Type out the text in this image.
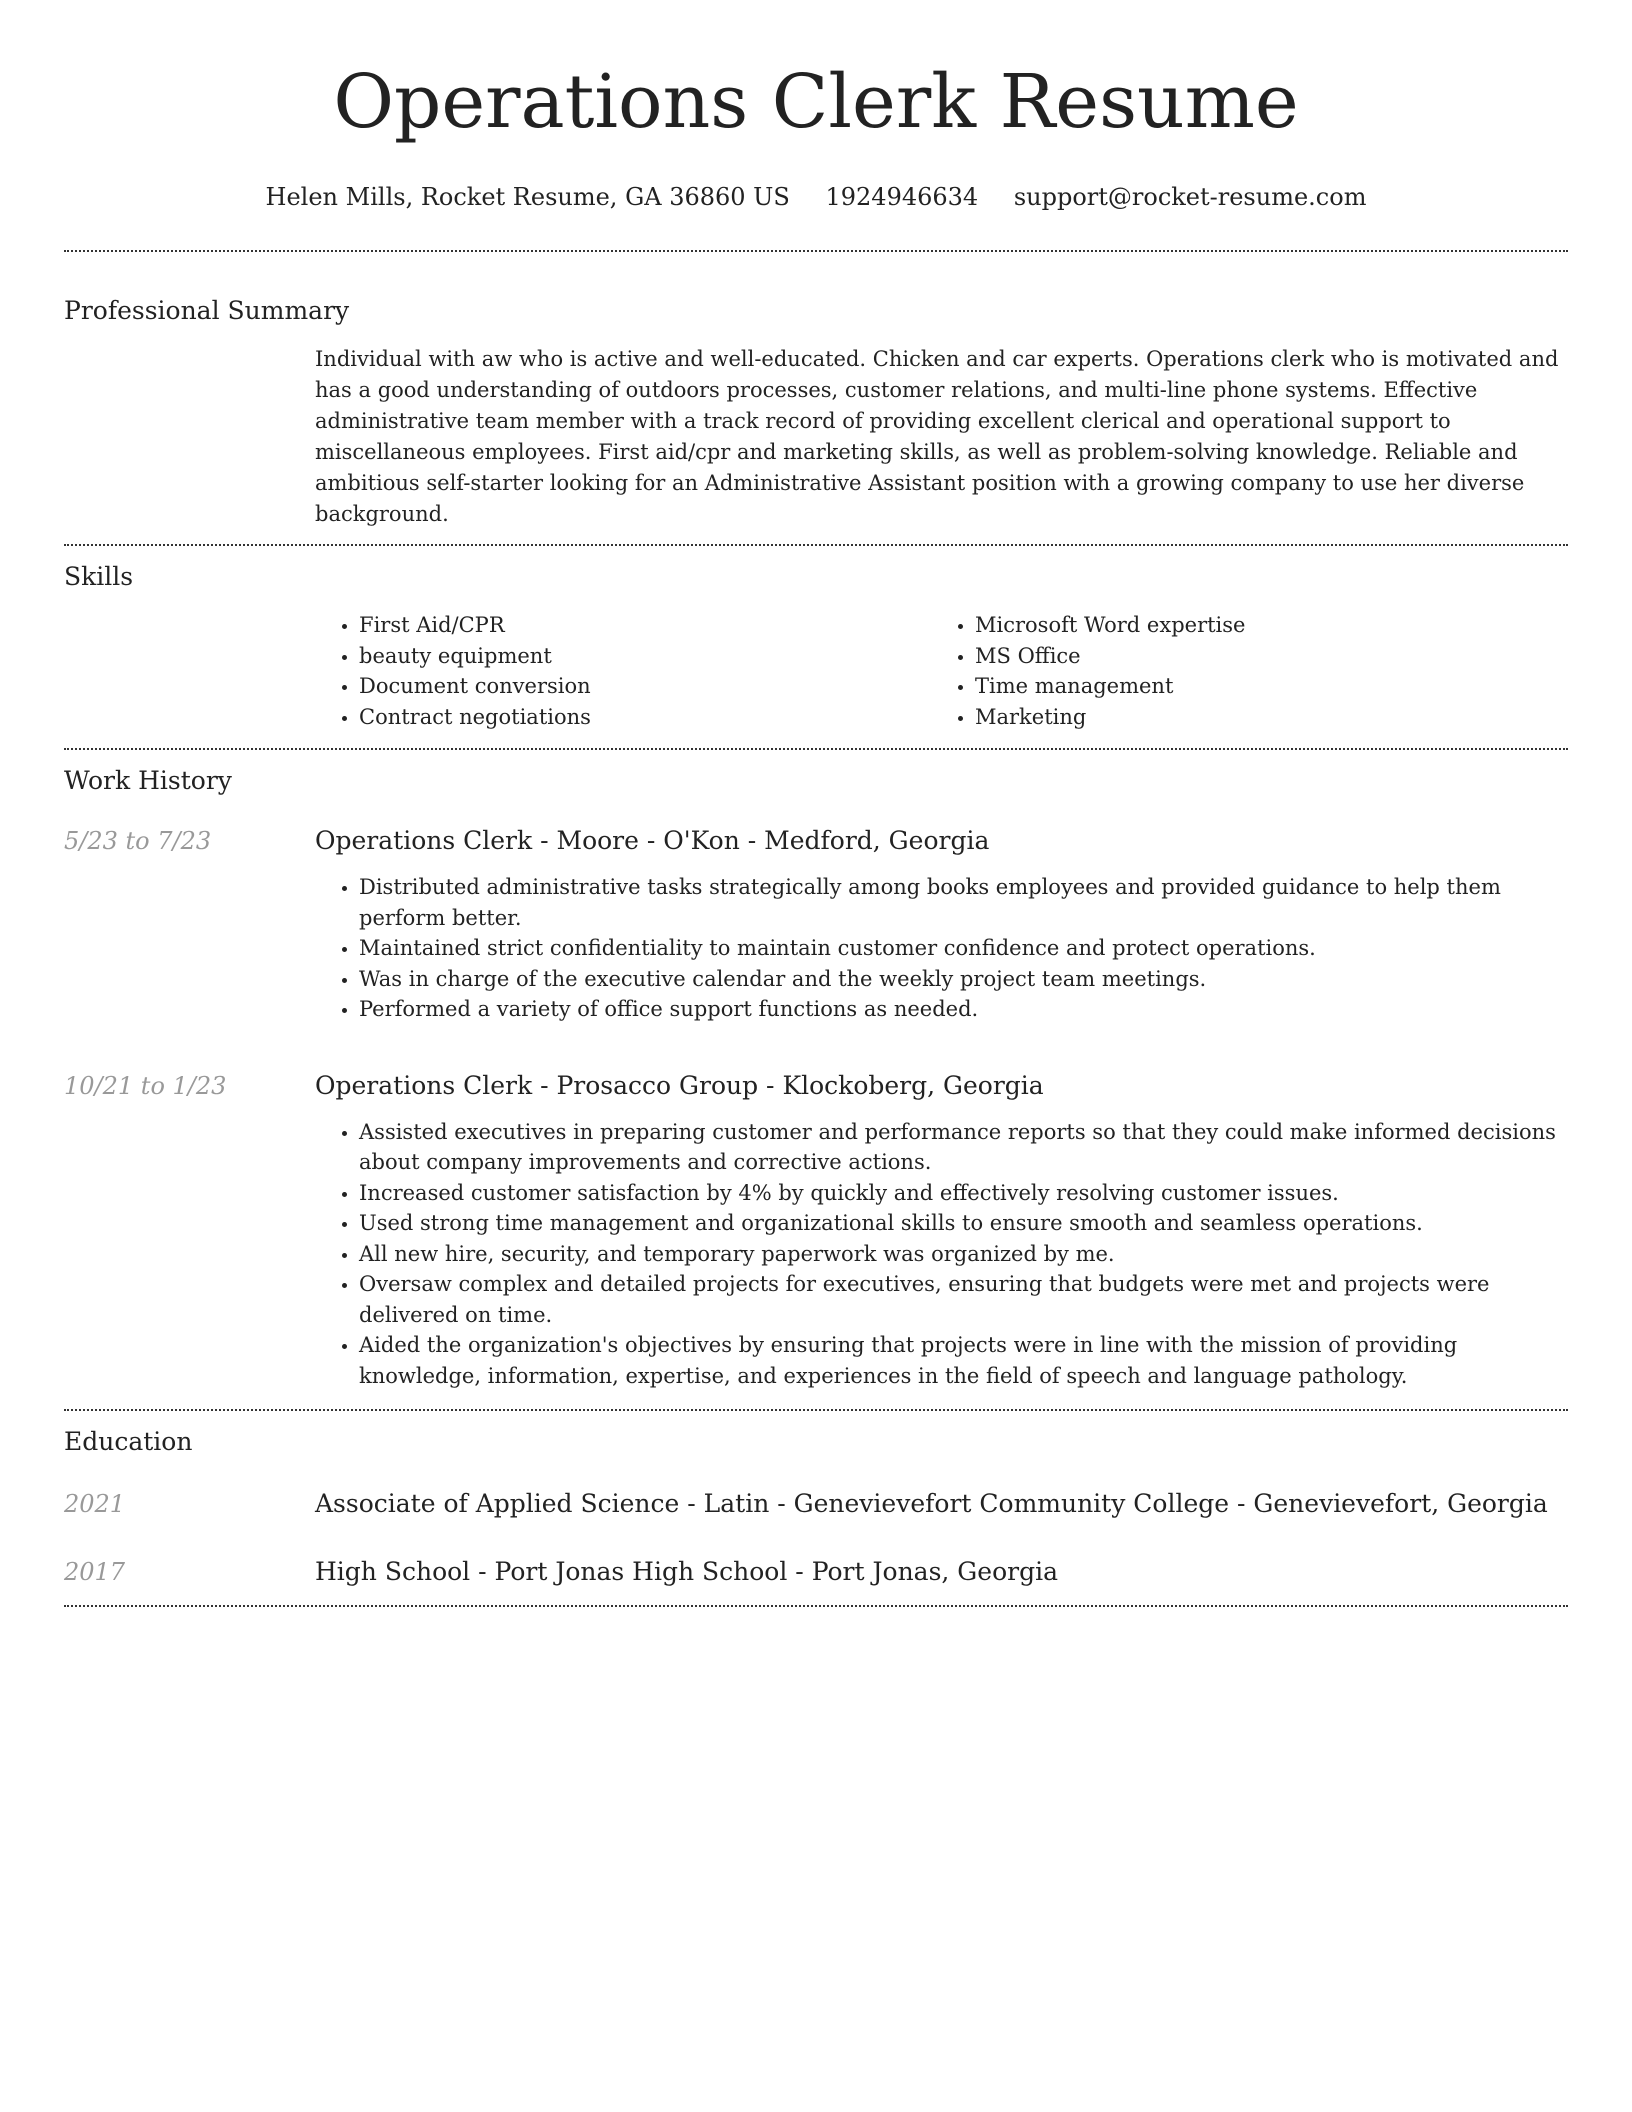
Operations Clerk Resume
Helen Mills, Rocket Resume, GA 36860 US 1924946634 support@rocket-resume.com
Professional Summary
Individual with aw who is active and well-educated. Chicken and car experts. Operations clerk who is motivated and has a good understanding of outdoors processes, customer relations, and multi-line phone systems. Effective administrative team member with a track record of providing excellent clerical and operational support to miscellaneous employees. First aid/cpr and marketing skills, as well as problem-solving knowledge. Reliable and ambitious self-starter looking for an Administrative Assistant position with a growing company to use her diverse background.
Skills
• First Aid/CPR
• beauty equipment
• Document conversion
• Contract negotiations
• Microsoft Word expertise
• MS Office
• Time management
• Marketing
Work History
5/23 to 7/23	Operations Clerk - Moore - O'Kon - Medford, Georgia
• Distributed administrative tasks strategically among books employees and provided guidance to help them perform better.
• Maintained strict confidentiality to maintain customer confidence and protect operations.
• Was in charge of the executive calendar and the weekly project team meetings.
• Performed a variety of office support functions as needed.
10/21 to 1/23	Operations Clerk - Prosacco Group - Klockoberg, Georgia
• Assisted executives in preparing customer and performance reports so that they could make informed decisions about company improvements and corrective actions.
• Increased customer satisfaction by 4% by quickly and effectively resolving customer issues.
• Used strong time management and organizational skills to ensure smooth and seamless operations.
• All new hire, security, and temporary paperwork was organized by me.
• Oversaw complex and detailed projects for executives, ensuring that budgets were met and projects were delivered on time.
• Aided the organization's objectives by ensuring that projects were in line with the mission of providing knowledge, information, expertise, and experiences in the field of speech and language pathology.
Education
2021	Associate of Applied Science - Latin - Genevievefort Community College - Genevievefort, Georgia
2017	High School - Port Jonas High School - Port Jonas, Georgia
